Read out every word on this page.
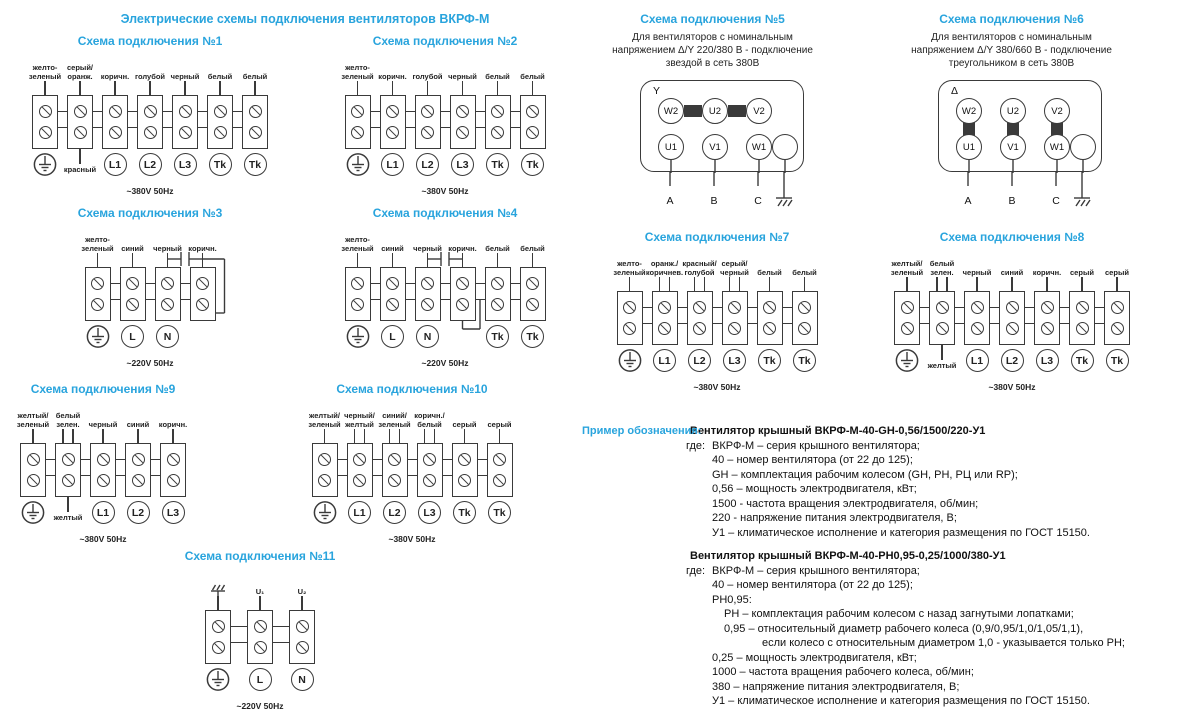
Электрические схемы подключения вентиляторов ВКРФ-М
Схема подключения №1
желто-
зеленый
серый/
оранж.
красный
коричн.
L1
голубой
L2
черный
L3
белый
Tk
белый
Tk
~380V 50Hz
Схема подключения №2
желто-
зеленый коричн.
L1
голубой
L2
черный
L3
белый
Tk
белый
Tk
~380V 50Hz
Схема подключения №3
желто-
зеленый синий
L
черный
N
коричн.
~220V 50Hz
Схема подключения №4
желто-
зеленый синий
L
черный
N
коричн. белый
Tk
белый
Tk
~220V 50Hz
Схема подключения №5
Для вентиляторов с номинальным
напряжением Δ/Y 220/380 В - подключение
звездой в сеть 380В
Y
W2	U2	V2
U1	V1	W1
A	B	C
Схема подключения №6
Для вентиляторов с номинальным
напряжением Δ/Y 380/660 В - подключение
треугольником в сеть 380В
Δ
W2	U2	V2
U1	V1	W1
A	B	C
Схема подключения №7
желто-
зеленый
оранж./
коричнев.
L1
красный/
голубой
L2
серый/
черный
L3
белый
Tk
белый
Tk
~380V 50Hz
Схема подключения №8
желтый/
зеленый
белый
зелен.
желтый
черный
L1
синий
L2
коричн.
L3
серый
Tk
серый
Tk
~380V 50Hz
Схема подключения №9
желтый/
зеленый
белый
зелен.
желтый
черный
L1
синий
L2
коричн.
L3
~380V 50Hz
Схема подключения №10
желтый/
зеленый
черный/
желтый
L1
синий/
зеленый
L2
коричн./
белый
L3
серый
Tk
серый
Tk
~380V 50Hz
Схема подключения №11
U₁
L
U₂
N
~220V 50Hz
Пример обозначения:
Вентилятор крышный ВКРФ-М-40-GH-0,56/1500/220-У1
где: ВКРФ-М – серия крышного вентилятора;
40 – номер вентилятора (от 22 до 125);
GH – комплектация рабочим колесом (GH, РН, РЦ или RP);
0,56 – мощность электродвигателя, кВт;
1500 - частота вращения электродвигателя, об/мин;
220 - напряжение питания электродвигателя, В;
У1 – климатическое исполнение и категория размещения по ГОСТ 15150.
Вентилятор крышный ВКРФ-М-40-РН0,95-0,25/1000/380-У1
где: ВКРФ-М – серия крышного вентилятора;
40 – номер вентилятора (от 22 до 125);
РН0,95:
РН – комплектация рабочим колесом с назад загнутыми лопатками;
0,95 – относительный диаметр рабочего колеса (0,9/0,95/1,0/1,05/1,1),
если колесо с относительным диаметром 1,0 - указывается только РН;
0,25 – мощность электродвигателя, кВт;
1000 – частота вращения рабочего колеса, об/мин;
380 – напряжение питания электродвигателя, В;
У1 – климатическое исполнение и категория размещения по ГОСТ 15150.
